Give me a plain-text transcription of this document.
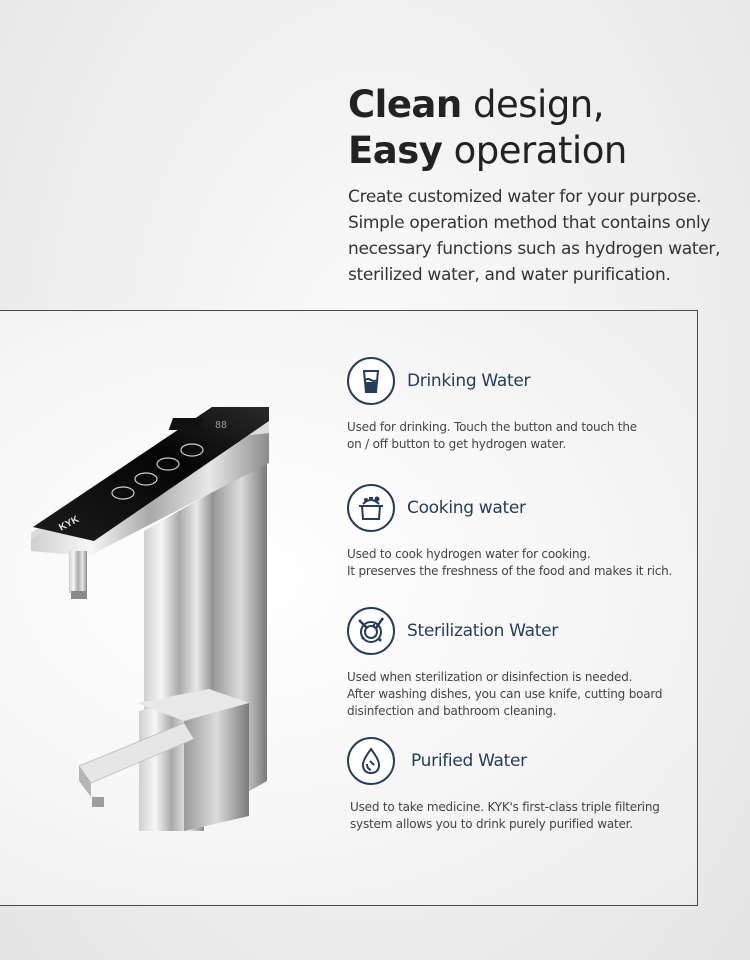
Clean design,
Easy operation

Create customized water for your purpose. Simple operation method that contains only necessary functions such as hydrogen water, sterilized water, and water purification.

88
KYK
Drinking Water
Used for drinking. Touch the button and touch the
on / off button to get hydrogen water.
Cooking water
Used to cook hydrogen water for cooking.
It preserves the freshness of the food and makes it rich.
Sterilization Water
Used when sterilization or disinfection is needed.
After washing dishes, you can use knife, cutting board
disinfection and bathroom cleaning.
Purified Water
Used to take medicine. KYK's first-class triple filtering
system allows you to drink purely purified water.
